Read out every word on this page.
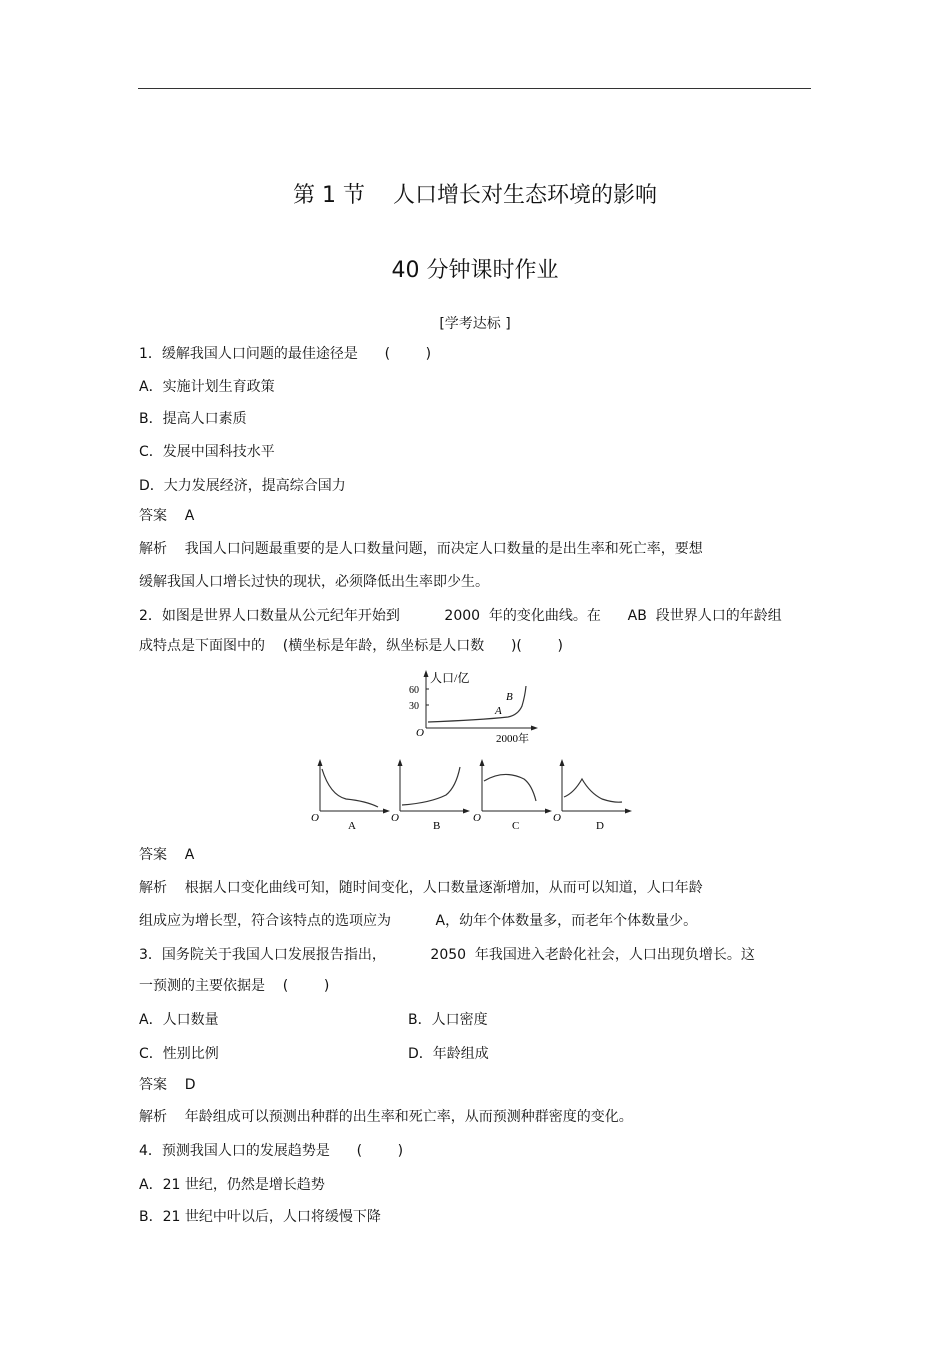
第 1 节    人口增长对生态环境的影响
40 分钟课时作业
[学考达标 ]
1．缓解我国人口问题的最佳途径是      (        )
A．实施计划生育政策
B．提高人口素质
C．发展中国科技水平
D．大力发展经济，提高综合国力
答案    A
解析    我国人口问题最重要的是人口数量问题，而决定人口数量的是出生率和死亡率，要想
缓解我国人口增长过快的现状，必须降低出生率即少生。
2．如图是世界人口数量从公元纪年开始到          2000  年的变化曲线。在      AB  段世界人口的年龄组
成特点是下面图中的    (横坐标是年龄，纵坐标是人口数      )(        )
人口/亿
60
30
O
A
B
2000年
O
A
O
B
O
C
O
D
答案    A
解析    根据人口变化曲线可知，随时间变化，人口数量逐渐增加，从而可以知道，人口年龄
组成应为增长型，符合该特点的选项应为          A，幼年个体数量多，而老年个体数量少。
3．国务院关于我国人口发展报告指出，          2050  年我国进入老龄化社会，人口出现负增长。这
一预测的主要依据是    (        )
A．人口数量	B．人口密度
C．性别比例	D．年龄组成
答案    D
解析    年龄组成可以预测出种群的出生率和死亡率，从而预测种群密度的变化。
4．预测我国人口的发展趋势是      (        )
A．21 世纪，仍然是增长趋势
B．21 世纪中叶以后，人口将缓慢下降
